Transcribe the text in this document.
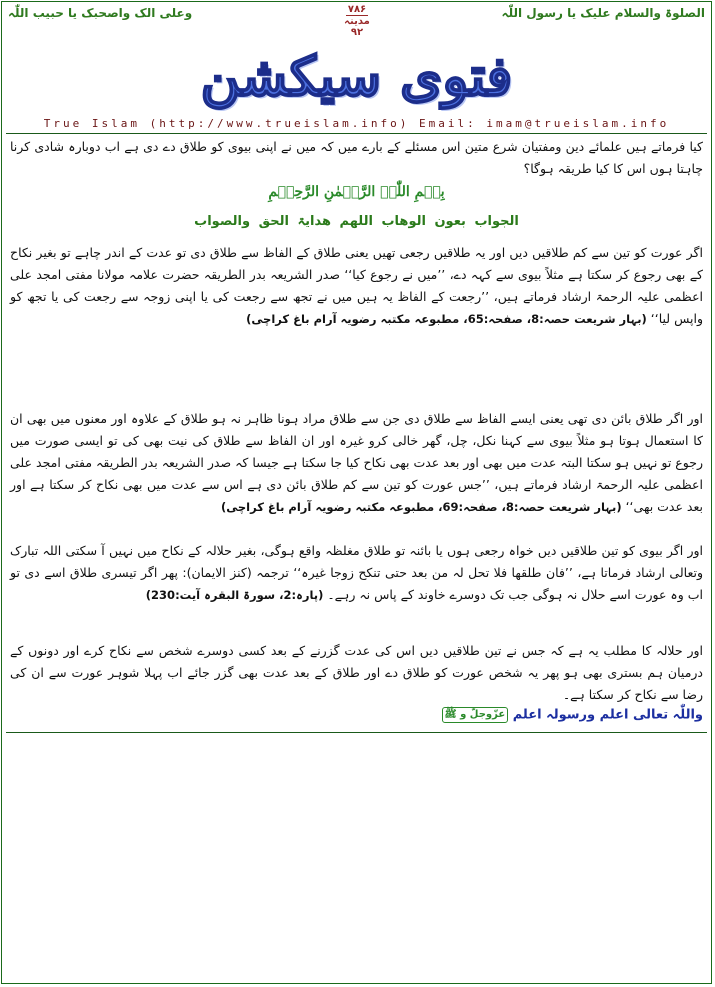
الصلوۃ والسلام علیک یا رسول اللّٰہ
وعلی الک واصحبک یا حبیب اللّٰہ	۷۸۶
مدینہ
۹۲
فتوی سیکشن
True Islam (http://www.trueislam.info) Email: imam@trueislam.info
کیا فرماتے ہیں علمائے دین ومفتیان شرع متین اس مسئلے کے بارے میں کہ میں نے اپنی بیوی کو طلاق دے دی ہے اب دوبارہ شادی کرنا چاہتا ہوں اس کا کیا طریقہ ہوگا؟
بِسۡمِ اللّٰہِ الرَّحۡمٰنِ الرَّحِیۡمِ
الجواب بعون الوھاب اللھم ھدایۃ الحق والصواب
اگر عورت کو تین سے کم طلاقیں دیں اور یہ طلاقیں رجعی تھیں یعنی طلاق کے الفاظ سے طلاق دی تو عدت کے اندر چاہے تو بغیر نکاح کے بھی رجوع کر سکتا ہے مثلاً بیوی سے کہہ دے، ’’میں نے رجوع کیا‘‘ صدر الشریعہ بدر الطریقہ حضرت علامہ مولانا مفتی امجد علی اعظمی علیہ الرحمۃ ارشاد فرماتے ہیں، ’’رجعت کے الفاظ یہ ہیں میں نے تجھ سے رجعت کی یا اپنی زوجہ سے رجعت کی یا تجھ کو واپس لیا‘‘ (بہار شریعت حصہ:8، صفحہ:65، مطبوعہ مکتبہ رضویہ آرام باغ کراچی)
اور اگر طلاق بائن دی تھی یعنی ایسے الفاظ سے طلاق دی جن سے طلاق مراد ہونا ظاہر نہ ہو طلاق کے علاوہ اور معنوں میں بھی ان کا استعمال ہوتا ہو مثلاً بیوی سے کہنا نکل، چل، گھر خالی کرو غیرہ اور ان الفاظ سے طلاق کی نیت بھی کی تو ایسی صورت میں رجوع تو نہیں ہو سکتا البتہ عدت میں بھی اور بعد عدت بھی نکاح کیا جا سکتا ہے جیسا کہ صدر الشریعہ بدر الطریقہ مفتی امجد علی اعظمی علیہ الرحمۃ ارشاد فرماتے ہیں، ’’جس عورت کو تین سے کم طلاق بائن دی ہے اس سے عدت میں بھی نکاح کر سکتا ہے اور بعد عدت بھی‘‘ (بہار شریعت حصہ:8، صفحہ:69، مطبوعہ مکتبہ رضویہ آرام باغ کراچی)
اور اگر بیوی کو تین طلاقیں دیں خواہ رجعی ہوں یا بائنہ تو طلاق مغلظہ واقع ہوگی، بغیر حلالہ کے نکاح میں نہیں آ سکتی اللہ تبارک وتعالی ارشاد فرماتا ہے، ’’فان طلقھا فلا تحل لہ من بعد حتی تنکح زوجا غیرہ‘‘ ترجمہ (کنز الایمان): پھر اگر تیسری طلاق اسے دی تو اب وہ عورت اسے حلال نہ ہوگی جب تک دوسرے خاوند کے پاس نہ رہے۔ (پارہ:2، سورۃ البقرہ آیت:230)
اور حلالہ کا مطلب یہ ہے کہ جس نے تین طلاقیں دیں اس کی عدت گزرنے کے بعد کسی دوسرے شخص سے نکاح کرے اور دونوں کے درمیان ہم بستری بھی ہو پھر یہ شخص عورت کو طلاق دے اور طلاق کے بعد عدت بھی گزر جائے اب پہلا شوہر عورت سے ان کی رضا سے نکاح کر سکتا ہے۔
واللّٰہ تعالی اعلم ورسولہ اعلم عزّوجلّ و ﷺ
